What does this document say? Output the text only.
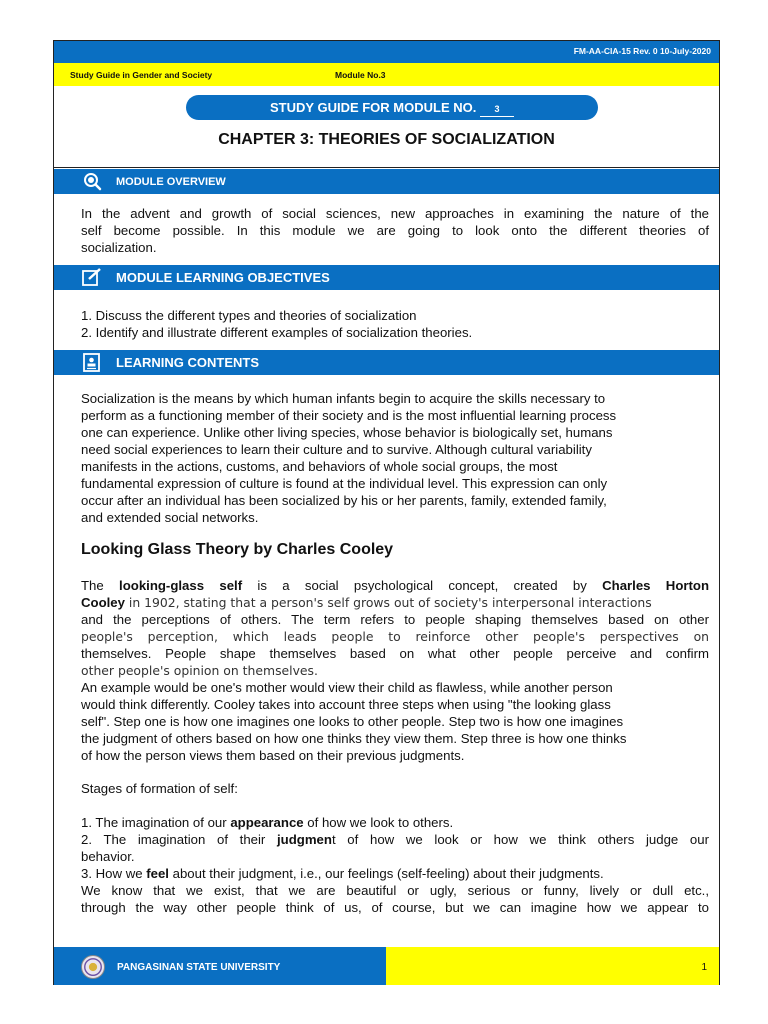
FM-AA-CIA-15 Rev. 0 10-July-2020
Study Guide in Gender and Society	Module No.3
STUDY GUIDE FOR MODULE NO. 3
CHAPTER 3: THEORIES OF SOCIALIZATION
MODULE OVERVIEW
In the advent and growth of social sciences, new approaches in examining the nature of the
self become possible. In this module we are going to look onto the different theories of
socialization.
MODULE LEARNING OBJECTIVES
1. Discuss the different types and theories of socialization
2. Identify and illustrate different examples of socialization theories.
LEARNING CONTENTS
Socialization is the means by which human infants begin to acquire the skills necessary to
perform as a functioning member of their society and is the most influential learning process
one can experience. Unlike other living species, whose behavior is biologically set, humans
need social experiences to learn their culture and to survive. Although cultural variability
manifests in the actions, customs, and behaviors of whole social groups, the most
fundamental expression of culture is found at the individual level. This expression can only
occur after an individual has been socialized by his or her parents, family, extended family,
and extended social networks.
Looking Glass Theory by Charles Cooley
The looking-glass self is a social psychological concept, created by Charles Horton
Cooley in 1902, stating that a person's self grows out of society's interpersonal interactions
and the perceptions of others. The term refers to people shaping themselves based on other
people's perception, which leads people to reinforce other people's perspectives on
themselves. People shape themselves based on what other people perceive and confirm
other people's opinion on themselves.
An example would be one's mother would view their child as flawless, while another person
would think differently. Cooley takes into account three steps when using "the looking glass
self". Step one is how one imagines one looks to other people. Step two is how one imagines
the judgment of others based on how one thinks they view them. Step three is how one thinks
of how the person views them based on their previous judgments.
Stages of formation of self:
1. The imagination of our appearance of how we look to others.
2. The imagination of their judgment of how we look or how we think others judge our
behavior.
3. How we feel about their judgment, i.e., our feelings (self-feeling) about their judgments.
We know that we exist, that we are beautiful or ugly, serious or funny, lively or dull etc.,
through the way other people think of us, of course, but we can imagine how we appear to
PANGASINAN STATE UNIVERSITY	1
